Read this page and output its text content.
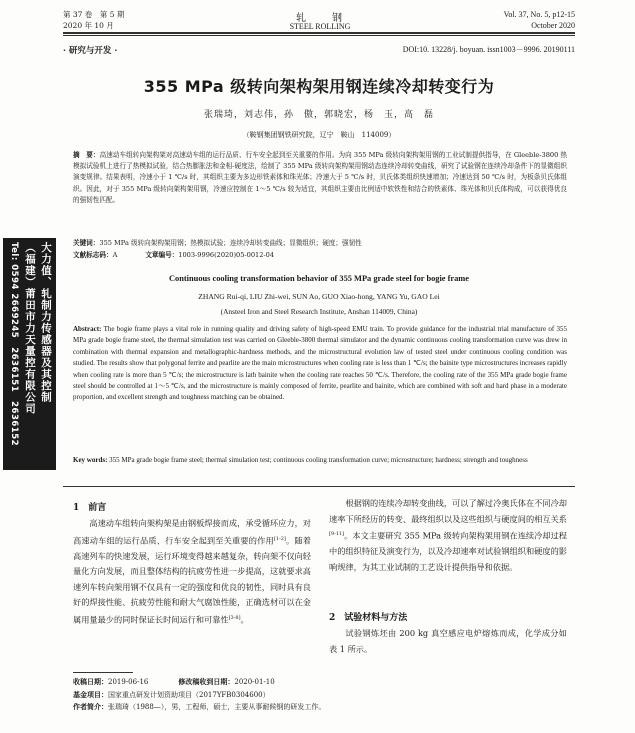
第 37 卷　第 5 期
2020 年 10 月
轧　　钢
STEEL ROLLING
Vol. 37, No. 5, p12-15
October 2020
· 研究与开发 ·	DOI:10. 13228/j. boyuan. issn1003－9996. 20190111
355 MPa 级转向架构架用钢连续冷却转变行为
张瑞琦，刘志伟，孙　傲，郭晓宏，杨　玉，高　磊
（鞍钢集团钢铁研究院，辽宁　鞍山　114009）
摘　要：高速动车组转向架构架对高速动车组的运行品质、行车安全起到至关重要的作用。为向 355 MPa 级转向架构架用钢的工业试制提供指导，在 Gleeble-3800 热模拟试验机上进行了热模拟试验，结合热膨胀法和金相-硬度法，绘制了 355 MPa 级转向架构架用钢动态连续冷却转变曲线，研究了试验钢在连续冷却条件下的显微组织演变规律。结果表明，冷速小于 1 ℃/s 时，其组织主要为多边形铁素体和珠光体；冷速大于 5 ℃/s 时，贝氏体类组织快速增加；冷速达到 50 ℃/s 时，为板条贝氏体组织。因此，对于 355 MPa 级转向架构架用钢，冷速应控制在 1～5 ℃/s 较为适宜，其组织主要由比例适中软铁性和结合的铁素体、珠光体和贝氏体构成，可以获得优良的强韧性匹配。
关键词：355 MPa 级转向架构架用钢；热模拟试验；连续冷却转变曲线；显微组织；硬度；强韧性
文献标志码：A	文章编号：1003-9996(2020)05-0012-04
Continuous cooling transformation behavior of 355 MPa grade steel for bogie frame
ZHANG Rui-qi, LIU Zhi-wei, SUN Ao, GUO Xiao-hong, YANG Yu, GAO Lei
(Ansteel Iron and Steel Research Institute, Anshan 114009, China)
Abstract: The bogie frame plays a vital role in running quality and driving safety of high-speed EMU train. To provide guidance for the industrial trial manufacture of 355 MPa grade bogie frame steel, the thermal simulation test was carried on Gleeble-3800 thermal simulator and the dynamic continuous cooling transformation curve was drew in combination with thermal expansion and metallographic-hardness methods, and the microstructural evolution law of tested steel under continuous cooling condition was studied. The results show that polygonal ferrite and pearlite are the main microstructures when cooling rate is less than 1 ℃/s; the bainite type microstructures increases rapidly when cooling rate is more than 5 ℃/s; the microstructure is lath bainite when the cooling rate reaches 50 ℃/s. Therefore, the cooling rate of the 355 MPa grade bogie frame steel should be controlled at 1～5 ℃/s, and the microstructure is mainly composed of ferrite, pearlite and bainite, which are combined with soft and hard phase in a moderate proportion, and excellent strength and toughness matching can be obtained.
Key words: 355 MPa grade bogie frame steel; thermal simulation test; continuous cooling transformation curve; microstructure; hardness; strength and toughness
1　前言

高速动车组转向架构架是由钢板焊接而成，承受循环应力，对高速动车组的运行品质、行车安全起到至关重要的作用[1-2]。随着高速列车的快速发展，运行环境变得越来越复杂，转向架不仅向轻量化方向发展，而且整体结构的抗疲劳性进一步提高，这就要求高速列车转向架用钢不仅具有一定的强度和优良的韧性，同时具有良好的焊接性能、抗疲劳性能和耐大气腐蚀性能，正确选材可以在金属用量最少的同时保证长时间运行和可靠性[3-8]。

根据钢的连续冷却转变曲线，可以了解过冷奥氏体在不同冷却速率下所经历的转变、最终组织以及这些组织与硬度间的相互关系[9-11]。本文主要研究 355 MPa 级转向架构架用钢在连续冷却过程中的组织特征及演变行为，以及冷却速率对试验钢组织和硬度的影响规律，为其工业试制的工艺设计提供指导和依据。

2　试验材料与方法

试验钢炼坯由 200 kg 真空感应电炉熔炼而成，化学成分如表 1 所示。

收稿日期：2019-06-16	修改稿收到日期：2020-01-10
基金项目：国家重点研发计划资助项目（2017YFB0304600）
作者简介：张瑞琦（1988—），男，工程师，硕士，主要从事耐候钢的研发工作。
大力值、轧制力传感器及其控制
（福建）莆田市力天量控有限公司
Tel: 0594 2669245　2636151　2636152
